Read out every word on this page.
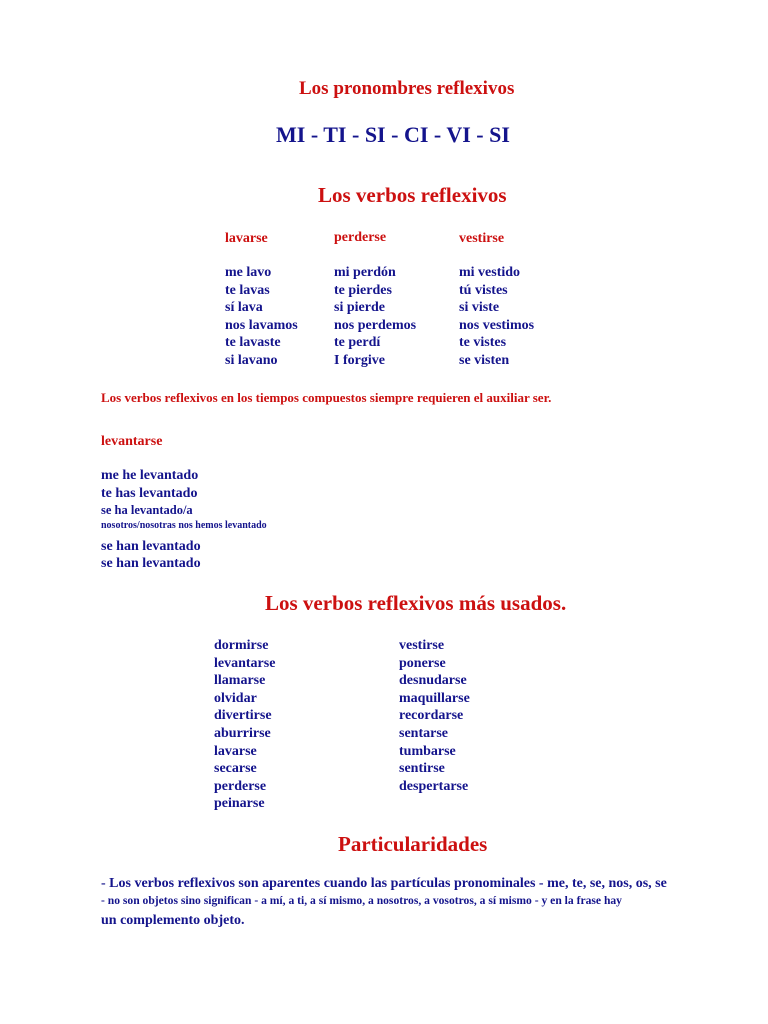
Los pronombres reflexivos
MI - TI - SI - CI - VI - SI
Los verbos reflexivos
lavarse	perderse	vestirse
me lavo
te lavas
sí lava
nos lavamos
te lavaste
si lavano
mi perdón
te pierdes
si pierde
nos perdemos
te perdí
I forgive
mi vestido
tú vistes
si viste
nos vestimos
te vistes
se visten
Los verbos reflexivos en los tiempos compuestos siempre requieren el auxiliar ser.
levantarse
me he levantado
te has levantado
se ha levantado/a
nosotros/nosotras nos hemos levantado
se han levantado
se han levantado
Los verbos reflexivos más usados.
dormirse
levantarse
llamarse
olvidar
divertirse
aburrirse
lavarse
secarse
perderse
peinarse
vestirse
ponerse
desnudarse
maquillarse
recordarse
sentarse
tumbarse
sentirse
despertarse
Particularidades
- Los verbos reflexivos son aparentes cuando las partículas pronominales - me, te, se, nos, os, se
- no son objetos sino significan - a mí, a ti, a sí mismo, a nosotros, a vosotros, a sí mismo - y en la frase hay
un complemento objeto.
